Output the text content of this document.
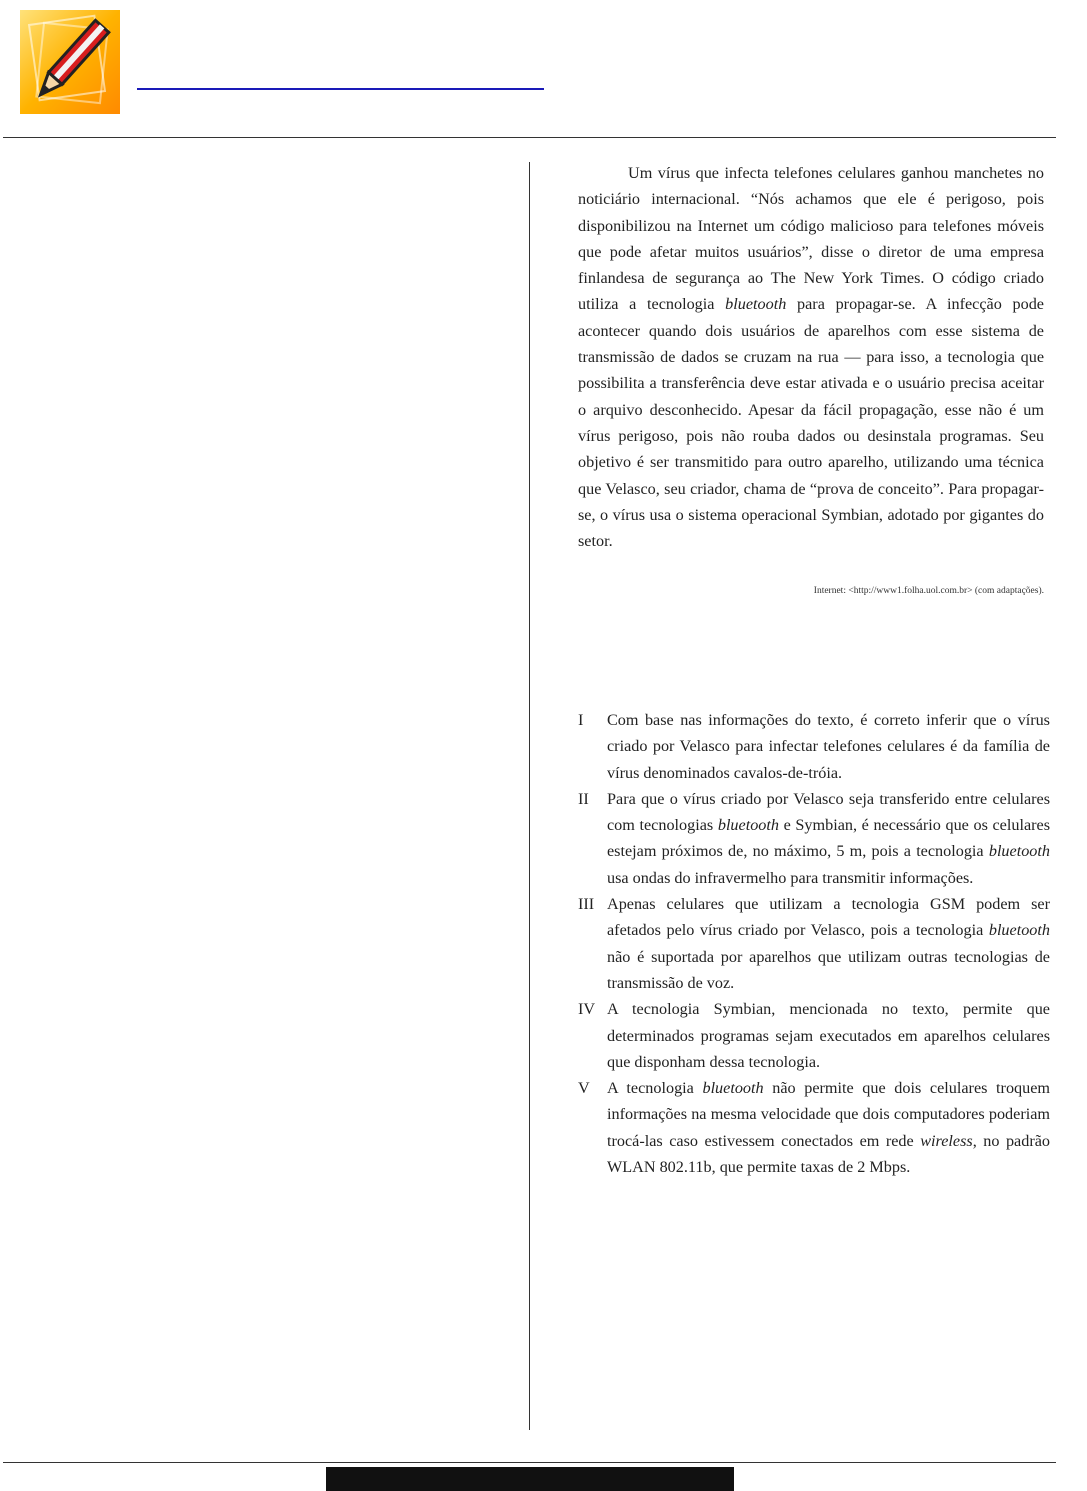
Um vírus que infecta telefones celulares ganhou manchetes no noticiário internacional. “Nós achamos que ele é perigoso, pois disponibilizou na Internet um código malicioso para telefones móveis que pode afetar muitos usuários”, disse o diretor de uma empresa finlandesa de segurança ao The New York Times. O código criado utiliza a tecnologia bluetooth para propagar-se. A infecção pode acontecer quando dois usuários de aparelhos com esse sistema de transmissão de dados se cruzam na rua — para isso, a tecnologia que possibilita a transferência deve estar ativada e o usuário precisa aceitar o arquivo desconhecido. Apesar da fácil propagação, esse não é um vírus perigoso, pois não rouba dados ou desinstala programas. Seu objetivo é ser transmitido para outro aparelho, utilizando uma técnica que Velasco, seu criador, chama de “prova de conceito”. Para propagar-se, o vírus usa o sistema operacional Symbian, adotado por gigantes do setor.

Internet: <http://www1.folha.uol.com.br> (com adaptações).
I Com base nas informações do texto, é correto inferir que o vírus criado por Velasco para infectar telefones celulares é da família de vírus denominados cavalos-de-tróia.
II Para que o vírus criado por Velasco seja transferido entre celulares com tecnologias bluetooth e Symbian, é necessário que os celulares estejam próximos de, no máximo, 5 m, pois a tecnologia bluetooth usa ondas do infravermelho para transmitir informações.
III Apenas celulares que utilizam a tecnologia GSM podem ser afetados pelo vírus criado por Velasco, pois a tecnologia bluetooth não é suportada por aparelhos que utilizam outras tecnologias de transmissão de voz.
IV A tecnologia Symbian, mencionada no texto, permite que determinados programas sejam executados em aparelhos celulares que disponham dessa tecnologia.
V A tecnologia bluetooth não permite que dois celulares troquem informações na mesma velocidade que dois computadores poderiam trocá-las caso estivessem conectados em rede wireless, no padrão WLAN 802.11b, que permite taxas de 2 Mbps.
